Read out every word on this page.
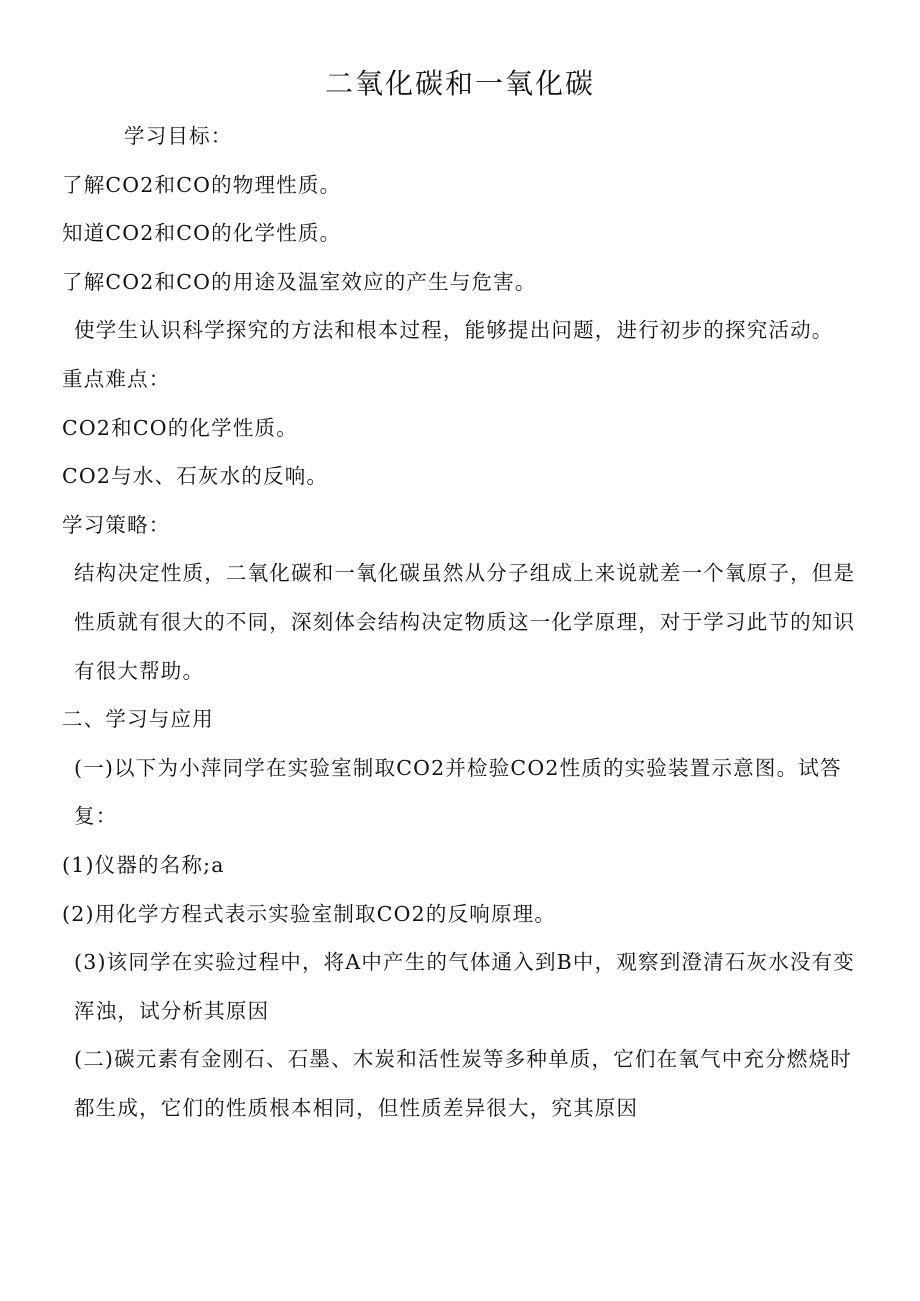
二氧化碳和一氧化碳

学习目标：

了解CO2和CO的物理性质。

知道CO2和CO的化学性质。

了解CO2和CO的用途及温室效应的产生与危害。

使学生认识科学探究的方法和根本过程，能够提出问题，进行初步的探究活动。

重点难点：

CO2和CO的化学性质。

CO2与水、石灰水的反响。

学习策略：

结构决定性质，二氧化碳和一氧化碳虽然从分子组成上来说就差一个氧原子，但是性质就有很大的不同，深刻体会结构决定物质这一化学原理，对于学习此节的知识有很大帮助。

二、学习与应用

(一)以下为小萍同学在实验室制取CO2并检验CO2性质的实验装置示意图。试答复：

(1)仪器的名称;a

(2)用化学方程式表示实验室制取CO2的反响原理。

(3)该同学在实验过程中，将A中产生的气体通入到B中，观察到澄清石灰水没有变浑浊，试分析其原因

(二)碳元素有金刚石、石墨、木炭和活性炭等多种单质，它们在氧气中充分燃烧时都生成，它们的性质根本相同，但性质差异很大，究其原因
